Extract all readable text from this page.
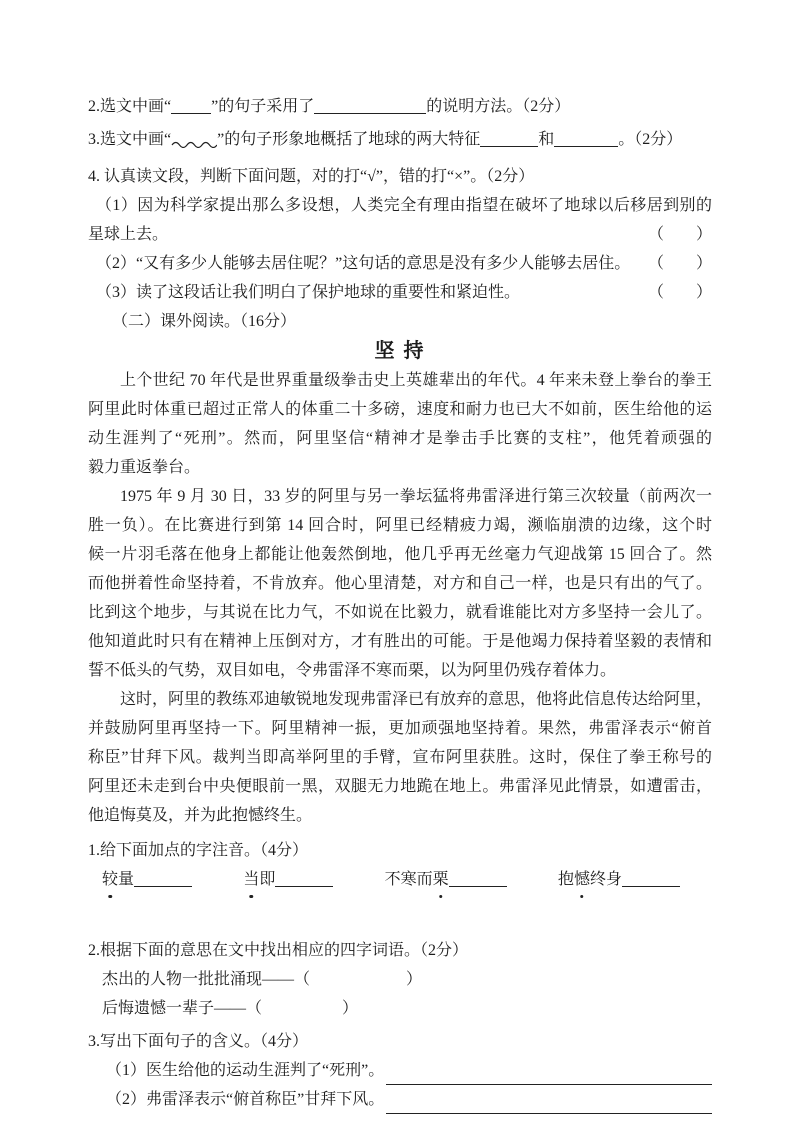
2.选文中画“	”的句子采用了	的说明方法。（2分）
3.选文中画“	”的句子形象地概括了地球的两大特征	和	。（2分）
4. 认真读文段，判断下面问题，对的打“√”，错的打“×”。（2分）
（1）因为科学家提出那么多设想，人类完全有理由指望在破坏了地球以后移居到别的
星球上去。	（　　）
（2）“又有多少人能够去居住呢？”这句话的意思是没有多少人能够去居住。 （　　）
（3）读了这段话让我们明白了保护地球的重要性和紧迫性。	（　　）
（二）课外阅读。（16分）
坚 持
上个世纪 70 年代是世界重量级拳击史上英雄辈出的年代。4 年来未登上拳台的拳王
阿里此时体重已超过正常人的体重二十多磅，速度和耐力也已大不如前，医生给他的运
动生涯判了“死刑”。然而，阿里坚信“精神才是拳击手比赛的支柱”，他凭着顽强的
毅力重返拳台。
1975 年 9 月 30 日，33 岁的阿里与另一拳坛猛将弗雷泽进行第三次较量（前两次一
胜一负）。在比赛进行到第 14 回合时，阿里已经精疲力竭，濒临崩溃的边缘，这个时
候一片羽毛落在他身上都能让他轰然倒地，他几乎再无丝毫力气迎战第 15 回合了。然
而他拼着性命坚持着，不肯放弃。他心里清楚，对方和自己一样，也是只有出的气了。
比到这个地步，与其说在比力气，不如说在比毅力，就看谁能比对方多坚持一会儿了。
他知道此时只有在精神上压倒对方，才有胜出的可能。于是他竭力保持着坚毅的表情和
誓不低头的气势，双目如电，令弗雷泽不寒而栗，以为阿里仍残存着体力。
这时，阿里的教练邓迪敏锐地发现弗雷泽已有放弃的意思，他将此信息传达给阿里，
并鼓励阿里再坚持一下。阿里精神一振，更加顽强地坚持着。果然，弗雷泽表示“俯首
称臣”甘拜下风。裁判当即高举阿里的手臂，宣布阿里获胜。这时，保住了拳王称号的
阿里还未走到台中央便眼前一黑，双腿无力地跪在地上。弗雷泽见此情景，如遭雷击，
他追悔莫及，并为此抱憾终生。
1.给下面加点的字注音。（4分）
较量	当即	不寒而栗	抱憾终身
2.根据下面的意思在文中找出相应的四字词语。（2分）
杰出的人物一批批涌现——（　　　　　　）
后悔遗憾一辈子——（　　　　　）
3.写出下面句子的含义。（4分）
（1）医生给他的运动生涯判了“死刑”。
（2）弗雷泽表示“俯首称臣”甘拜下风。
